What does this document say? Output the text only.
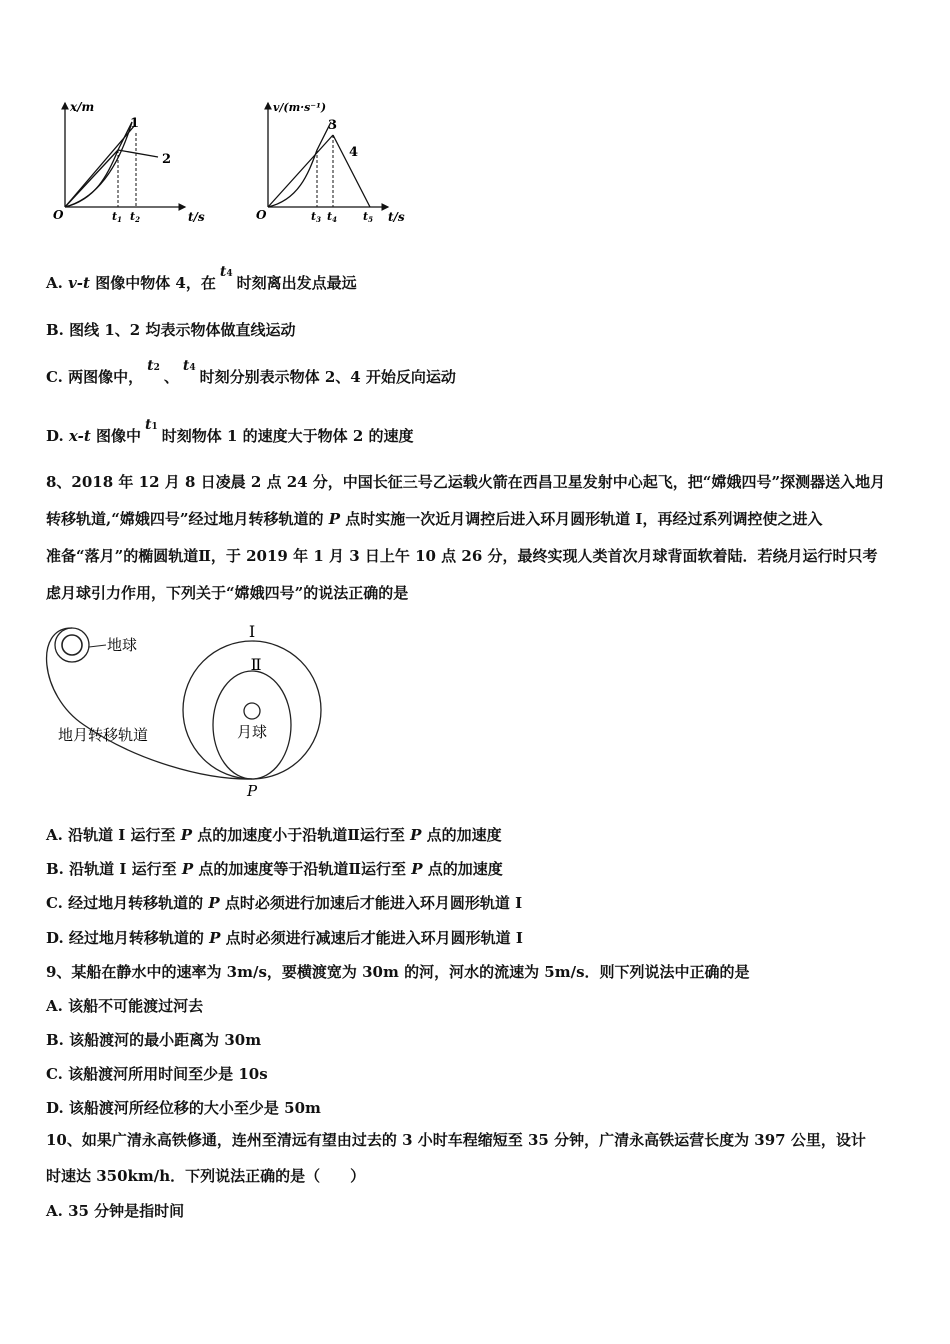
x/m
t/s
O
1
2
t1 t2
v/(m·s⁻¹)
t/s
O
3
4
t3 t4 t5
A. v-t 图像中物体 4，在t4 时刻离出发点最远
B. 图线 1、2 均表示物体做直线运动
C. 两图像中，t2 、t4 时刻分别表示物体 2、4 开始反向运动
D. x-t 图像中t1 时刻物体 1 的速度大于物体 2 的速度
8、2018 年 12 月 8 日凌晨 2 点 24 分，中国长征三号乙运载火箭在西昌卫星发射中心起飞，把“嫦娥四号”探测器送入地月
转移轨道,“嫦娥四号”经过地月转移轨道的 P 点时实施一次近月调控后进入环月圆形轨道 I，再经过系列调控使之进入
准备“落月”的椭圆轨道Ⅱ，于 2019 年 1 月 3 日上午 10 点 26 分，最终实现人类首次月球背面软着陆．若绕月运行时只考
虑月球引力作用，下列关于“嫦娥四号”的说法正确的是
地球
地月转移轨道
I
Ⅱ
月球
P
A. 沿轨道 I 运行至 P 点的加速度小于沿轨道Ⅱ运行至 P 点的加速度
B. 沿轨道 I 运行至 P 点的加速度等于沿轨道Ⅱ运行至 P 点的加速度
C. 经过地月转移轨道的 P 点时必须进行加速后才能进入环月圆形轨道 I
D. 经过地月转移轨道的 P 点时必须进行减速后才能进入环月圆形轨道 I
9、某船在静水中的速率为 3m/s，要横渡宽为 30m 的河，河水的流速为 5m/s．则下列说法中正确的是
A. 该船不可能渡过河去
B. 该船渡河的最小距离为 30m
C. 该船渡河所用时间至少是 10s
D. 该船渡河所经位移的大小至少是 50m
10、如果广清永高铁修通，连州至清远有望由过去的 3 小时车程缩短至 35 分钟，广清永高铁运营长度为 397 公里，设计
时速达 350km/h．下列说法正确的是（　　）
A. 35 分钟是指时间
